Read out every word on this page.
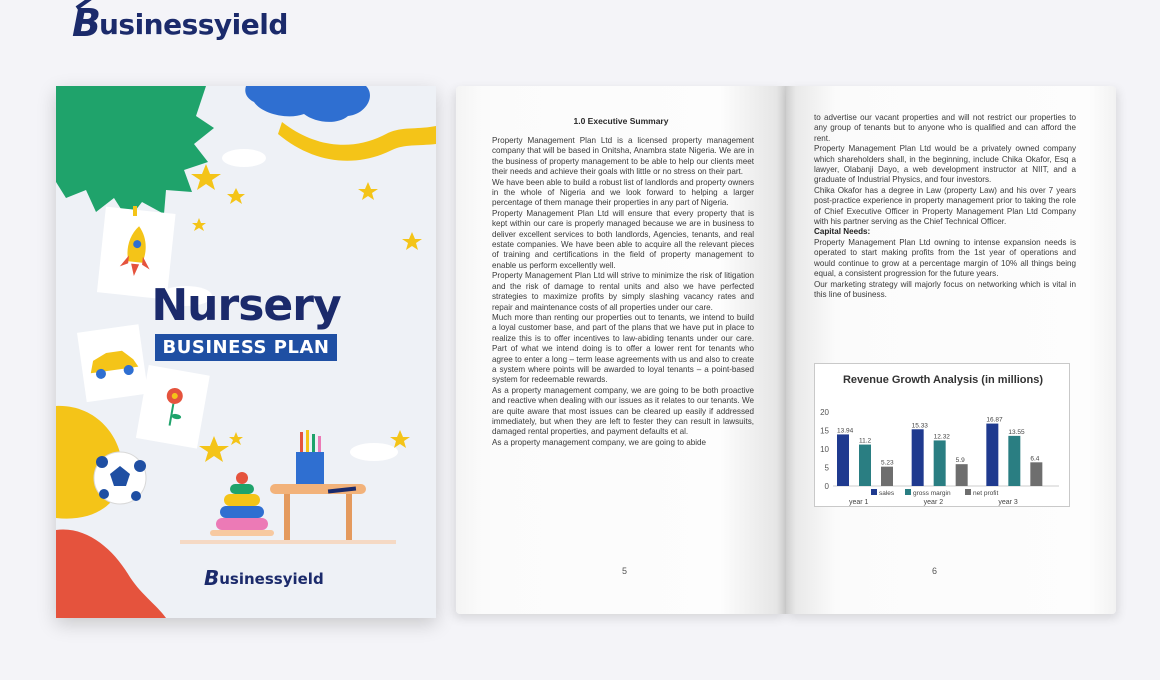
B
usinessyield
Nursery
BUSINESS PLAN
B usinessyield
1.0 Executive Summary

Property Management Plan Ltd is a licensed property management company that will be based in Onitsha, Anambra state Nigeria. We are in the business of property management to be able to help our clients meet their needs and achieve their goals with little or no stress on their part.

We have been able to build a robust list of landlords and property owners in the whole of Nigeria and we look forward to helping a larger percentage of them manage their properties in any part of Nigeria.

Property Management Plan Ltd will ensure that every property that is kept within our care is properly managed because we are in business to deliver excellent services to both landlords, Agencies, tenants, and real estate companies. We have been able to acquire all the relevant pieces of training and certifications in the field of property management to enable us perform excellently well.

Property Management Plan Ltd will strive to minimize the risk of litigation and the risk of damage to rental units and also we have perfected strategies to maximize profits by simply slashing vacancy rates and repair and maintenance costs of all properties under our care.

Much more than renting our properties out to tenants, we intend to build a loyal customer base, and part of the plans that we have put in place to realize this is to offer incentives to law-abiding tenants under our care. Part of what we intend doing is to offer a lower rent for tenants who agree to enter a long – term lease agreements with us and also to create a system where points will be awarded to loyal tenants – a point-based system for redeemable rewards.

As a property management company, we are going to be both proactive and reactive when dealing with our issues as it relates to our tenants. We are quite aware that most issues can be cleared up easily if addressed immediately, but when they are left to fester they can result in lawsuits, damaged rental properties, and payment defaults et al.

As a property management company, we are going to abide

5

to advertise our vacant properties and will not restrict our properties to any group of tenants but to anyone who is qualified and can afford the rent.

Property Management Plan Ltd would be a privately owned company which shareholders shall, in the beginning, include Chika Okafor, Esq a lawyer, Olabanji Dayo, a web development instructor at NIIT, and a graduate of Industrial Physics, and four investors.

Chika Okafor has a degree in Law (property Law) and his over 7 years post-practice experience in property management prior to taking the role of Chief Executive Officer in Property Management Plan Ltd Company with his partner serving as the Chief Technical Officer.

Capital Needs:

Property Management Plan Ltd owning to intense expansion needs is operated to start making profits from the 1st year of operations and would continue to grow at a percentage margin of 10% all things being equal, a consistent progression for the future years.

Our marketing strategy will majorly focus on networking which is vital in this line of business.

Revenue Growth Analysis (in millions)
0
5
10
15
20
13.94
11.2
5.23
year 1
15.33
12.32
5.9
year 2
16.87
13.55
6.4
year 3
sales	gross margin	net profit
6
